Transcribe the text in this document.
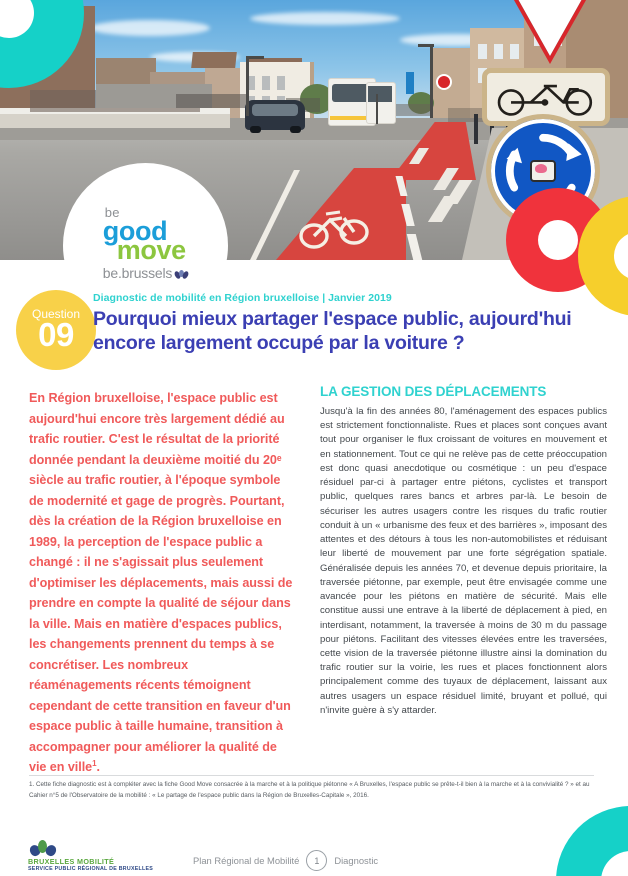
be
good
move
be.brussels
Question
09
Diagnostic de mobilité en Région bruxelloise | Janvier 2019
Pourquoi mieux partager l'espace public, aujourd'hui encore largement occupé par la voiture ?
En Région bruxelloise, l'espace public est aujourd'hui encore très largement dédié au trafic routier. C'est le résultat de la priorité donnée pendant la deuxième moitié du 20ᵉ siècle au trafic routier, à l'époque symbole de modernité et gage de progrès. Pourtant, dès la création de la Région bruxelloise en 1989, la perception de l'espace public a changé : il ne s'agissait plus seulement d'optimiser les déplacements, mais aussi de prendre en compte la qualité de séjour dans la ville. Mais en matière d'espaces publics, les changements prennent du temps à se concrétiser. Les nombreux réaménagements récents témoignent cependant de cette transition en faveur d'un espace public à taille humaine, transition à accompagner pour améliorer la qualité de vie en ville$^1$.
LA GESTION DES DÉPLACEMENTS
Jusqu'à la fin des années 80, l'aménagement des espaces publics est strictement fonctionnaliste. Rues et places sont conçues avant tout pour organiser le flux croissant de voitures en mouvement et en stationnement. Tout ce qui ne relève pas de cette préoccupation est donc quasi anecdotique ou cosmétique : un peu d'espace résiduel par-ci à partager entre piétons, cyclistes et transport public, quelques rares bancs et arbres par-là. Le besoin de sécuriser les autres usagers contre les risques du trafic routier conduit à un « urbanisme des feux et des barrières », imposant des attentes et des détours à tous les non-automobilistes et réduisant leur liberté de mouvement par une forte ségrégation spatiale. Généralisée depuis les années 70, et devenue depuis prioritaire, la traversée piétonne, par exemple, peut être envisagée comme une avancée pour les piétons en matière de sécurité. Mais elle constitue aussi une entrave à la liberté de déplacement à pied, en interdisant, notamment, la traversée à moins de 30 m du passage pour piétons. Facilitant des vitesses élevées entre les traversées, cette vision de la traversée piétonne illustre ainsi la domination du trafic routier sur la voirie, les rues et places fonctionnent alors principalement comme des tuyaux de déplacement, laissant aux autres usagers un espace résiduel limité, bruyant et pollué, qui n'invite guère à s'y attarder.
1. Cette fiche diagnostic est à compléter avec la fiche Good Move consacrée à la marche et à la politique piétonne « A Bruxelles, l'espace public se prête-t-il bien à la marche et à la convivialité ? » et au Cahier n°5 de l'Observatoire de la mobilité : « Le partage de l'espace public dans la Région de Bruxelles-Capitale », 2016.
BRUXELLES MOBILITÉ
SERVICE PUBLIC RÉGIONAL DE BRUXELLES
Plan Régional de Mobilité	1	Diagnostic
